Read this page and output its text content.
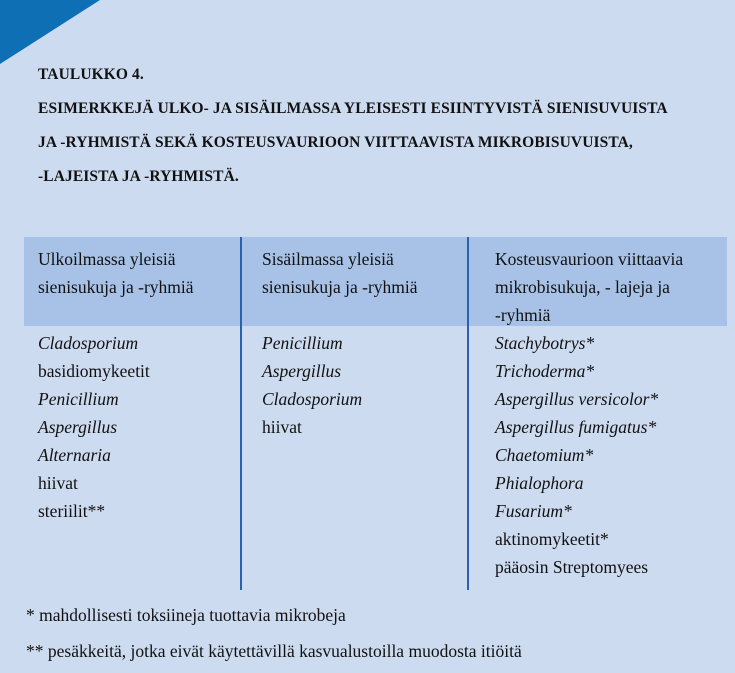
TAULUKKO 4.
ESIMERKKEJÄ ULKO- JA SISÄILMASSA YLEISESTI ESIINTYVISTÄ SIENISUVUISTA
JA -RYHMISTÄ SEKÄ KOSTEUSVAURIOON VIITTAAVISTA MIKROBISUVUISTA,
-LAJEISTA JA -RYHMISTÄ.
Ulkoilmassa yleisiä
sienisukuja ja -ryhmiä
Cladosporium
basidiomykeetit
Penicillium
Aspergillus
Alternaria
hiivat
steriilit**
Sisäilmassa yleisiä
sienisukuja ja -ryhmiä
Penicillium
Aspergillus
Cladosporium
hiivat
Kosteusvaurioon viittaavia
mikrobisukuja, - lajeja ja
-ryhmiä
Stachybotrys*
Trichoderma*
Aspergillus versicolor*
Aspergillus fumigatus*
Chaetomium*
Phialophora
Fusarium*
aktinomykeetit*
pääosin Streptomyees
* mahdollisesti toksiineja tuottavia mikrobeja
** pesäkkeitä, jotka eivät käytettävillä kasvualustoilla muodosta itiöitä
